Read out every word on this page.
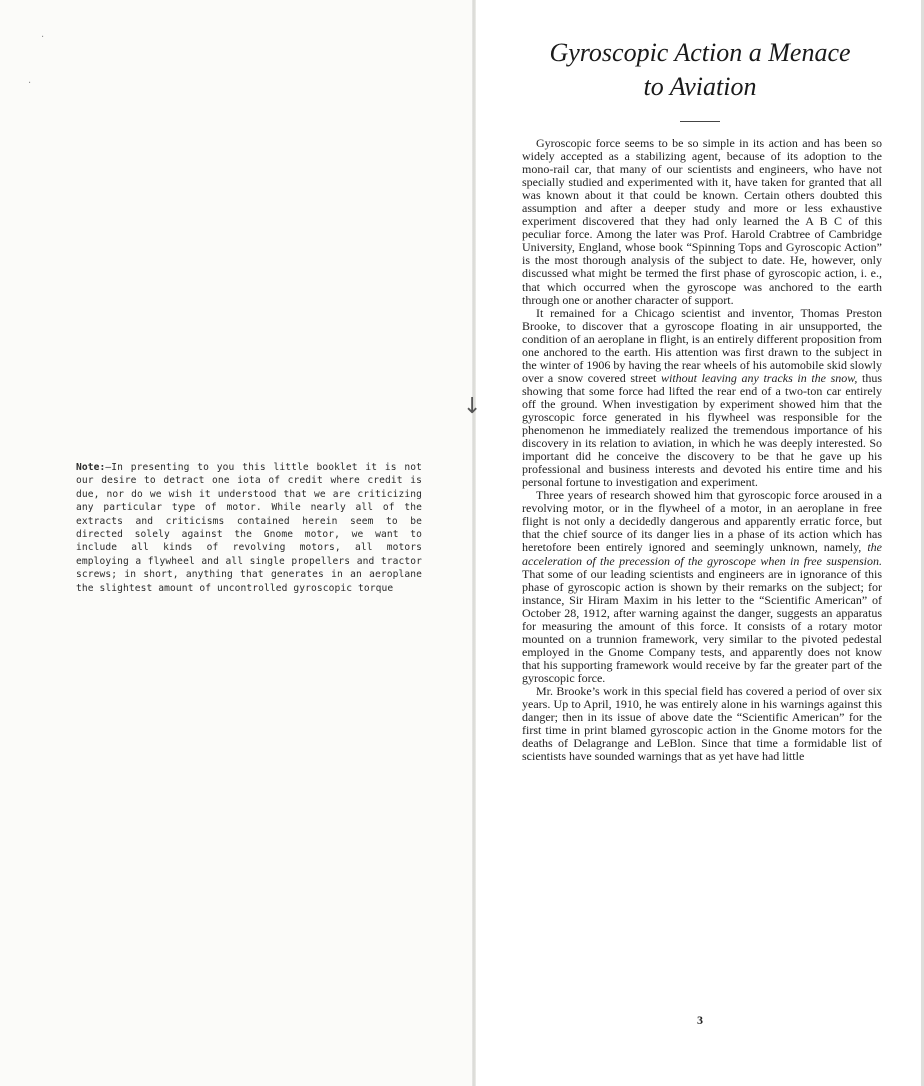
·
·
↓
Note:—In presenting to you this little booklet it is not our desire to detract one iota of credit where credit is due, nor do we wish it understood that we are criticizing any particular type of motor. While nearly all of the extracts and criticisms contained herein seem to be directed solely against the Gnome motor, we want to include all kinds of revolving motors, all motors employing a flywheel and all single propellers and tractor screws; in short, anything that generates in an aeroplane the slightest amount of uncontrolled gyroscopic torque
Gyroscopic Action a Menace
to Aviation

Gyroscopic force seems to be so simple in its action and has been so widely accepted as a stabilizing agent, because of its adoption to the mono-rail car, that many of our scientists and engineers, who have not specially studied and experimented with it, have taken for granted that all was known about it that could be known. Certain others doubted this assumption and after a deeper study and more or less exhaustive experiment discovered that they had only learned the A B C of this peculiar force. Among the later was Prof. Harold Crabtree of Cambridge University, England, whose book “Spinning Tops and Gyroscopic Action” is the most thorough analysis of the subject to date. He, however, only discussed what might be termed the first phase of gyroscopic action, i. e., that which occurred when the gyroscope was anchored to the earth through one or another character of support.

It remained for a Chicago scientist and inventor, Thomas Preston Brooke, to discover that a gyroscope floating in air unsupported, the condition of an aeroplane in flight, is an entirely different proposition from one anchored to the earth. His attention was first drawn to the subject in the winter of 1906 by having the rear wheels of his automobile skid slowly over a snow covered street without leaving any tracks in the snow, thus showing that some force had lifted the rear end of a two-ton car entirely off the ground. When investigation by experiment showed him that the gyroscopic force generated in his flywheel was responsible for the phenomenon he immediately realized the tremendous importance of his discovery in its relation to aviation, in which he was deeply interested. So important did he conceive the discovery to be that he gave up his professional and business interests and devoted his entire time and his personal fortune to investigation and experiment.

Three years of research showed him that gyroscopic force aroused in a revolving motor, or in the flywheel of a motor, in an aeroplane in free flight is not only a decidedly dangerous and apparently erratic force, but that the chief source of its danger lies in a phase of its action which has heretofore been entirely ignored and seemingly unknown, namely, the acceleration of the precession of the gyroscope when in free suspension. That some of our leading scientists and engineers are in ignorance of this phase of gyroscopic action is shown by their remarks on the subject; for instance, Sir Hiram Maxim in his letter to the “Scientific American” of October 28, 1912, after warning against the danger, suggests an apparatus for measuring the amount of this force. It consists of a rotary motor mounted on a trunnion framework, very similar to the pivoted pedestal employed in the Gnome Company tests, and apparently does not know that his supporting framework would receive by far the greater part of the gyroscopic force.

Mr. Brooke’s work in this special field has covered a period of over six years. Up to April, 1910, he was entirely alone in his warnings against this danger; then in its issue of above date the “Scientific American” for the first time in print blamed gyroscopic action in the Gnome motors for the deaths of Delagrange and LeBlon. Since that time a formidable list of scientists have sounded warnings that as yet have had little

3
